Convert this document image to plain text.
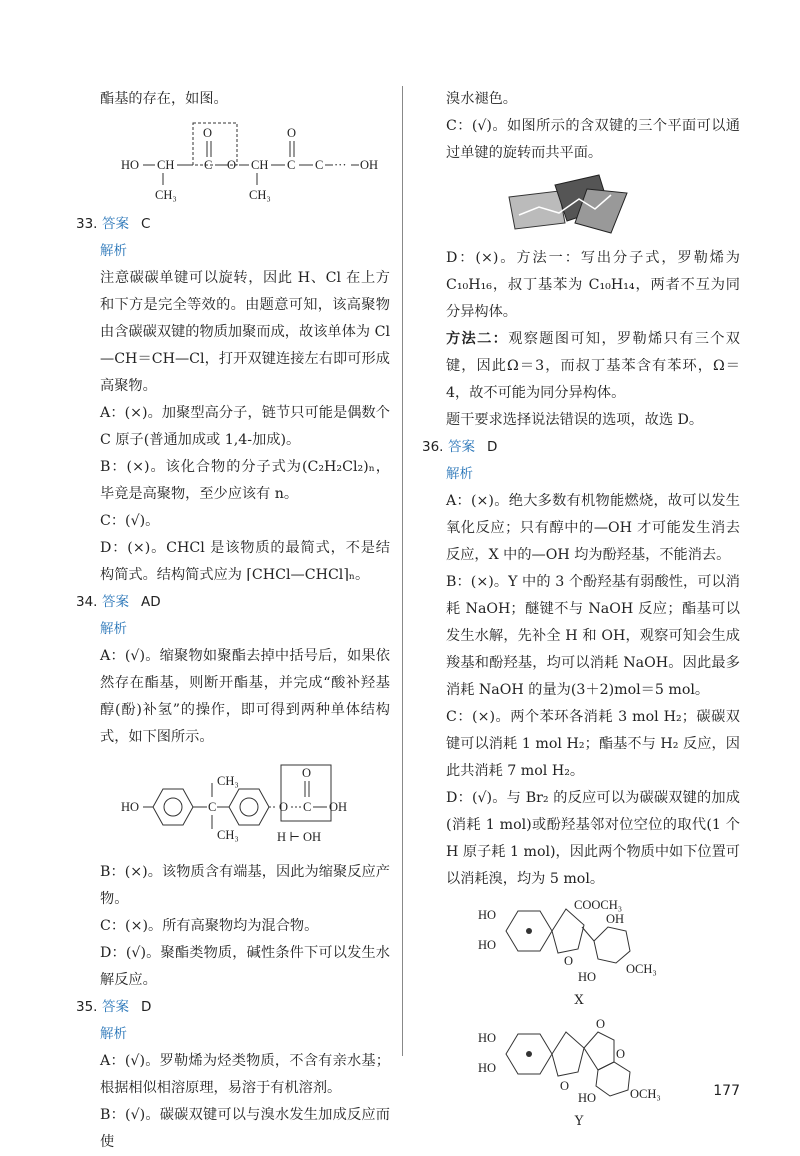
酯基的存在，如图。

HO CH
CH₃
C
O
O CH
CH₃
C
O
C ··· OH

33. 答案 C

解析

注意碳碳单键可以旋转，因此 H、Cl 在上方和下方是完全等效的。由题意可知，该高聚物由含碳碳双键的物质加聚而成，故该单体为 Cl—CH＝CH—Cl，打开双键连接左右即可形成高聚物。

A：(×)。加聚型高分子，链节只可能是偶数个 C 原子(普通加成或 1,4-加成)。

B：(×)。该化合物的分子式为(C₂H₂Cl₂)ₙ，毕竟是高聚物，至少应该有 n。

C：(√)。

D：(×)。CHCl 是该物质的最简式，不是结构简式。结构简式应为 ⌈CHCl—CHCl⌉ₙ。

34. 答案 AD

解析

A：(√)。缩聚物如聚酯去掉中括号后，如果依然存在酯基，则断开酯基，并完成“酸补羟基醇(酚)补氢”的操作，即可得到两种单体结构式，如下图所示。

HO	C
CH₃
CH₃
O C
O
OH
H ⊢ OH

B：(×)。该物质含有端基，因此为缩聚反应产物。

C：(×)。所有高聚物均为混合物。

D：(√)。聚酯类物质，碱性条件下可以发生水解反应。

35. 答案 D

解析

A：(√)。罗勒烯为烃类物质，不含有亲水基；根据相似相溶原理，易溶于有机溶剂。

B：(√)。碳碳双键可以与溴水发生加成反应而使

溴水褪色。

C：(√)。如图所示的含双键的三个平面可以通过单键的旋转而共平面。

D：(×)。方法一：写出分子式，罗勒烯为 C₁₀H₁₆，叔丁基苯为 C₁₀H₁₄，两者不互为同分异构体。

方法二：观察题图可知，罗勒烯只有三个双键，因此Ω＝3，而叔丁基苯含有苯环，Ω＝4，故不可能为同分异构体。

题干要求选择说法错误的选项，故选 D。

36. 答案 D

解析

A：(×)。绝大多数有机物能燃烧，故可以发生氧化反应；只有醇中的—OH 才可能发生消去反应，X 中的—OH 均为酚羟基，不能消去。

B：(×)。Y 中的 3 个酚羟基有弱酸性，可以消耗 NaOH；醚键不与 NaOH 反应；酯基可以发生水解，先补全 H 和 OH，观察可知会生成羧基和酚羟基，均可以消耗 NaOH。因此最多消耗 NaOH 的量为(3＋2)mol＝5 mol。

C：(×)。两个苯环各消耗 3 mol H₂；碳碳双键可以消耗 1 mol H₂；酯基不与 H₂ 反应，因此共消耗 7 mol H₂。

D：(√)。与 Br₂ 的反应可以为碳碳双键的加成(消耗 1 mol)或酚羟基邻对位空位的取代(1 个 H 原子耗 1 mol)，因此两个物质中如下位置可以消耗溴，均为 5 mol。

HO
HO
O
COOCH₃
OH
HO
OCH₃

X

HO
HO
O
O
O
HO	OCH₃

Y

177
